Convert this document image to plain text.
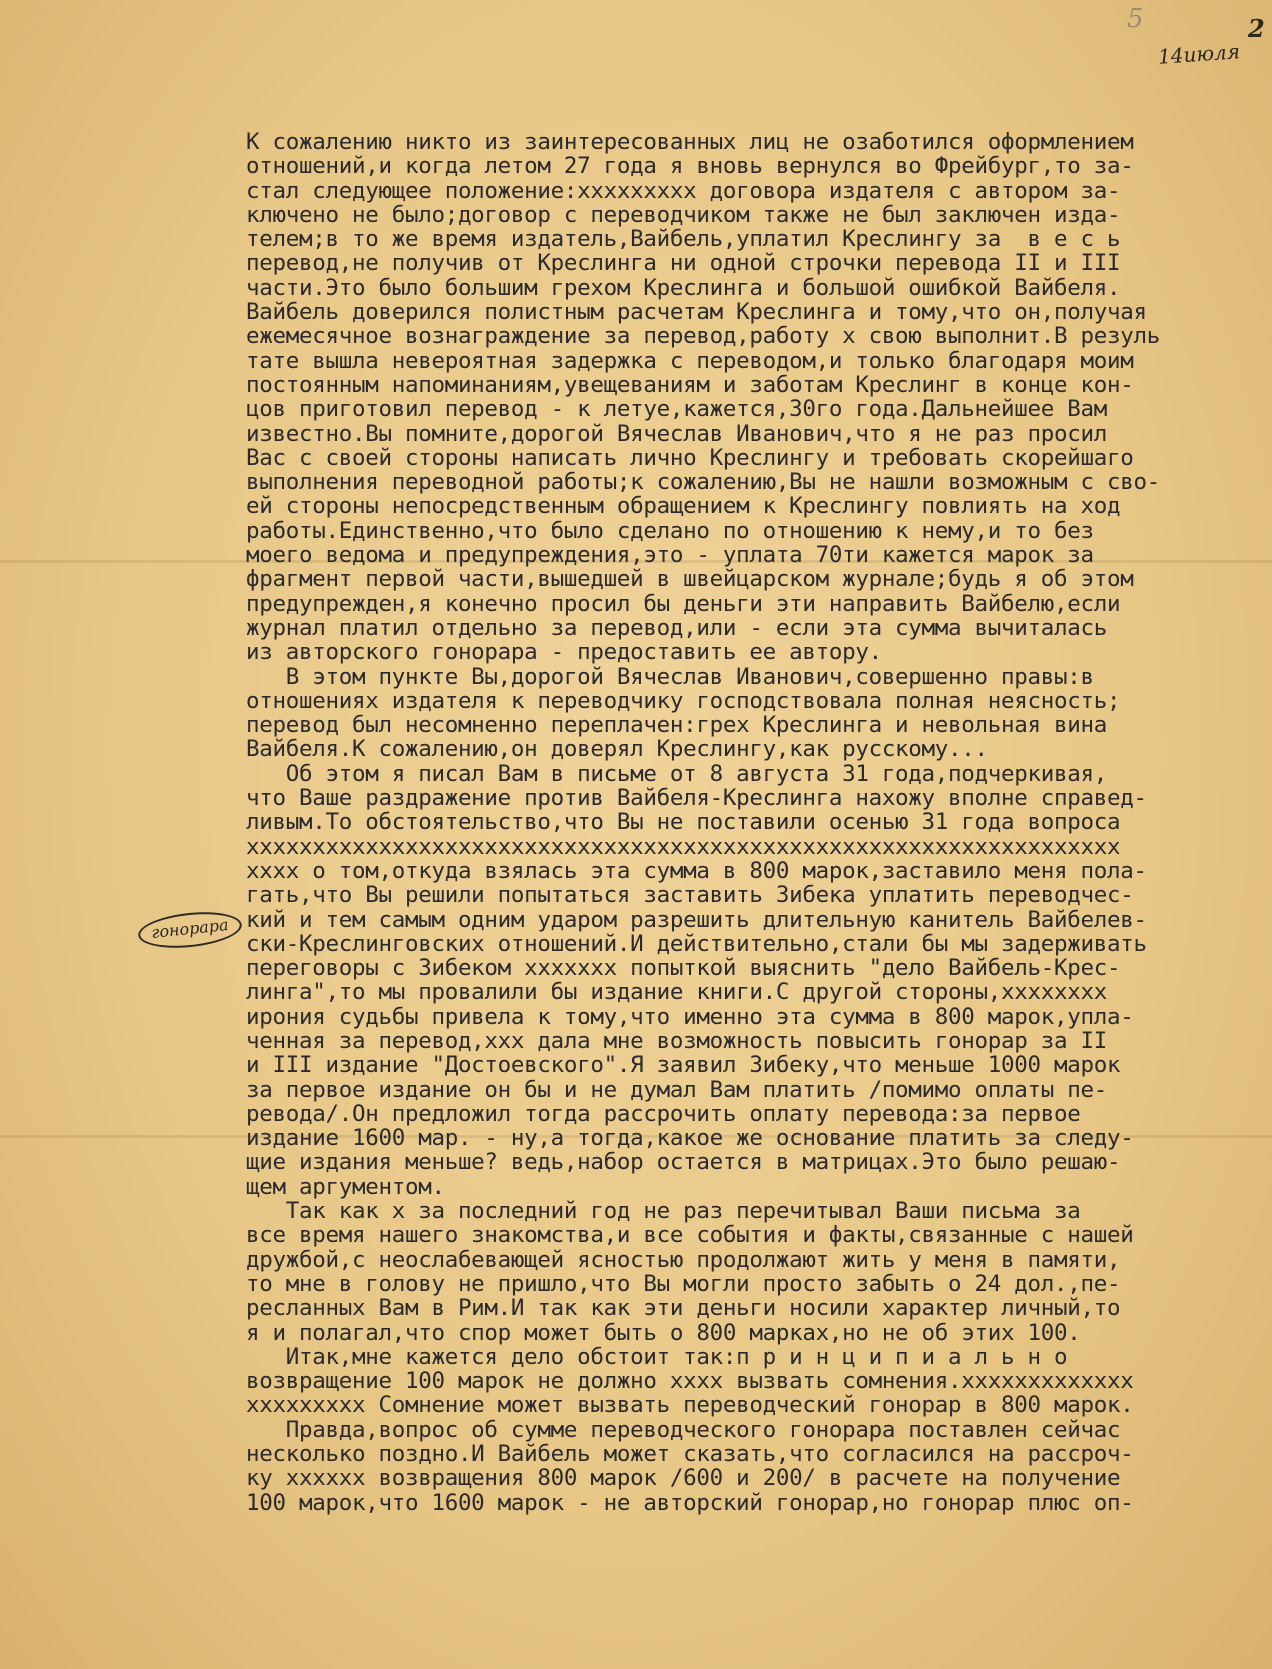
5	2
14июля
гонорара
К сожалению никто из заинтересованных лиц не озаботился оформлением
отношений,и когда летом 27 года я вновь вернулся во Фрейбург,то за-
стал следующее положение:xxxxxxxxx договора издателя с автором за-
ключено не было;договор с переводчиком также не был заключен изда-
телем;в то же время издатель,Вайбель,уплатил Креслингу за  в е с ь
перевод,не получив от Креслинга ни одной строчки перевода II и III
части.Это было большим грехом Креслинга и большой ошибкой Вайбеля.
Вайбель доверился полистным расчетам Креслинга и тому,что он,получая
ежемесячное вознаграждение за перевод,работу x свою выполнит.В резуль
тате вышла невероятная задержка с переводом,и только благодаря моим
постоянным напоминаниям,увещеваниям и заботам Креслинг в конце кон-
цов приготовил перевод - к летуe,кажется,30го года.Дальнейшее Вам
известно.Вы помните,дорогой Вячеслав Иванович,что я не раз просил
Вас с своей стороны написать лично Креслингу и требовать скорейшаго
выполнения переводной работы;к сожалению,Вы не нашли возможным с сво-
ей стороны непосредственным обращением к Креслингу повлиять на ход
работы.Единственно,что было сделано по отношению к нему,и то без
моего ведома и предупреждения,это - уплата 70ти кажется марок за
фрагмент первой части,вышедшей в швейцарском журнале;будь я об этом
предупрежден,я конечно просил бы деньги эти направить Вайбелю,если
журнал платил отдельно за перевод,или - если эта сумма вычиталась
из авторского гонорара - предоставить ее автору.
В этом пункте Вы,дорогой Вячеслав Иванович,совершенно правы:в
отношениях издателя к переводчику господствовала полная неясность;
перевод был несомненно переплачен:грех Креслинга и невольная вина
Вайбеля.К сожалению,он доверял Креслингу,как русскому...
Об этом я писал Вам в письме от 8 августа 31 года,подчеркивая,
что Ваше раздражение против Вайбеля-Креслинга нахожу вполне справед-
ливым.То обстоятельство,что Вы не поставили осенью 31 года вопроса
xxxxxxxxxxxxxxxxxxxxxxxxxxxxxxxxxxxxxxxxxxxxxxxxxxxxxxxxxxxxxxxxxx
xxxx о том,откуда взялась эта сумма в 800 марок,заставило меня пола-
гать,что Вы решили попытаться заставить Зибека уплатить переводчес-
кий и тем самым одним ударом разрешить длительную канитель Вайбелев-
ски-Креслинговских отношений.И действительно,стали бы мы задерживать
переговоры с Зибеком xxxxxxx попыткой выяснить "дело Вайбель-Крес-
линга",то мы провалили бы издание книги.С другой стороны,xxxxxxxx
ирония судьбы привела к тому,что именно эта сумма в 800 марок,упла-
ченная за перевод,xxx дала мне возможность повысить гонорар за II
и III издание "Достоевского".Я заявил Зибеку,что меньше 1000 марок
за первое издание он бы и не думал Вам платить /помимо оплаты пе-
ревода/.Он предложил тогда рассрочить оплату перевода:за первое
издание 1600 мар. - ну,а тогда,какое же основание платить за следу-
щие издания меньше? ведь,набор остается в матрицах.Это было решаю-
щем аргументом.
Так как x за последний год не раз перечитывал Ваши письма за
все время нашего знакомства,и все события и факты,связанные с нашей
дружбой,с неослабевающей ясностью продолжают жить у меня в памяти,
то мне в голову не пришло,что Вы могли просто забыть о 24 дол.,пе-
ресланных Вам в Рим.И так как эти деньги носили характер личный,то
я и полагал,что спор может быть о 800 марках,но не об этих 100.
Итак,мне кажется дело обстоит так:п р и н ц и п и а л ь н о
возвращение 100 марок не должно xxxx вызвать сомнения.xxxxxxxxxxxxx
xxxxxxxxx Сомнение может вызвать переводческий гонорар в 800 марок.
Правда,вопрос об сумме переводческого гонорара поставлен сейчас
несколько поздно.И Вайбель может сказать,что согласился на рассроч-
ку xxxxxx возвращения 800 марок /600 и 200/ в расчете на получение
100 марок,что 1600 марок - не авторский гонорар,но гонорар плюс оп-
